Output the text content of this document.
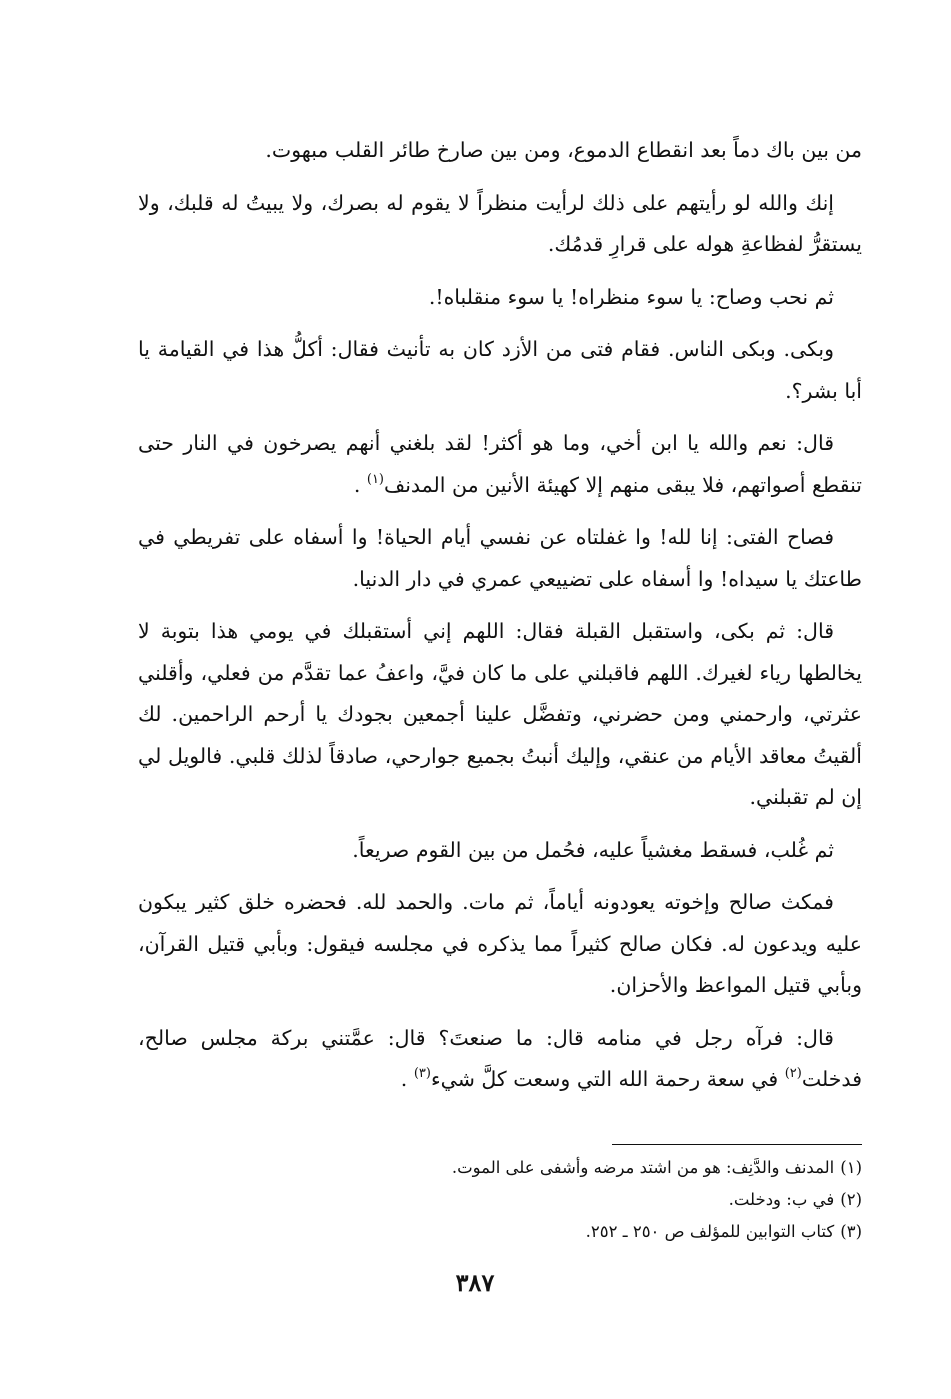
من بين باك دماً بعد انقطاع الدموع، ومن بين صارخ طائر القلب مبهوت.

إنك والله لو رأيتهم على ذلك لرأيت منظراً لا يقوم له بصرك، ولا يبيتُ له قلبك، ولا يستقرُّ لفظاعةِ هوله على قرارِ قدمُك.

ثم نحب وصاح: يا سوء منظراه! يا سوء منقلباه!.

وبكى. وبكى الناس. فقام فتى من الأزد كان به تأنيث فقال: أكلُّ هذا في القيامة يا أبا بشر؟.

قال: نعم والله يا ابن أخي، وما هو أكثر! لقد بلغني أنهم يصرخون في النار حتى تنقطع أصواتهم، فلا يبقى منهم إلا كهيئة الأنين من المدنف$^{(١)}$ .

فصاح الفتى: إنا لله! وا غفلتاه عن نفسي أيام الحياة! وا أسفاه على تفريطي في طاعتك يا سيداه! وا أسفاه على تضييعي عمري في دار الدنيا.

قال: ثم بكى، واستقبل القبلة فقال: اللهم إني أستقبلك في يومي هذا بتوبة لا يخالطها رياء لغيرك. اللهم فاقبلني على ما كان فيَّ، واعفُ عما تقدَّم من فعلي، وأقلني عثرتي، وارحمني ومن حضرني، وتفضَّل علينا أجمعين بجودك يا أرحم الراحمين. لك ألقيتُ معاقد الأيام من عنقي، وإليك أنبتُ بجميع جوارحي، صادقاً لذلك قلبي. فالويل لي إن لم تقبلني.

ثم غُلب، فسقط مغشياً عليه، فحُمل من بين القوم صريعاً.

فمكث صالح وإخوته يعودونه أياماً، ثم مات. والحمد لله. فحضره خلق كثير يبكون عليه ويدعون له. فكان صالح كثيراً مما يذكره في مجلسه فيقول: وبأبي قتيل القرآن، وبأبي قتيل المواعظ والأحزان.

قال: فرآه رجل في منامه قال: ما صنعتَ؟ قال: عمَّتني بركة مجلس صالح، فدخلت$^{(٢)}$ في سعة رحمة الله التي وسعت كلَّ شيء$^{(٣)}$ .

(١)المدنف والدَّنِف: هو من اشتد مرضه وأشفى على الموت.

(٢)في ب: ودخلت.

(٣)كتاب التوابين للمؤلف ص ٢٥٠ ـ ٢٥٢.

٣٨٧
